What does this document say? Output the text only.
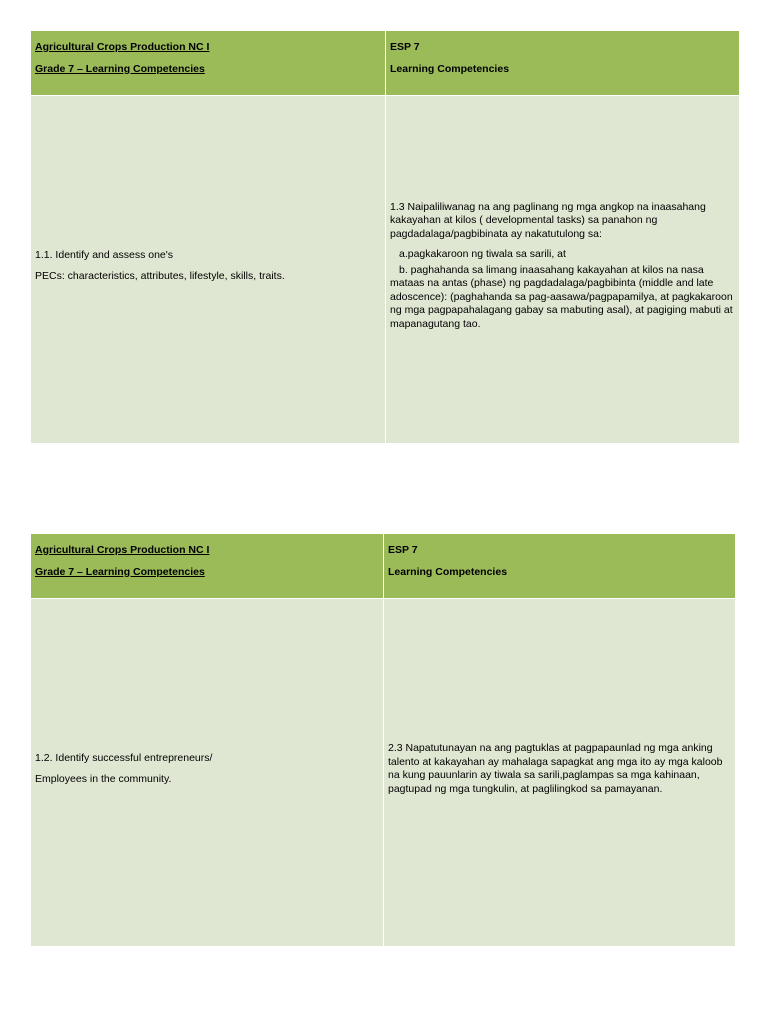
Agricultural Crops Production NC I

Grade 7 – Learning Competencies

ESP 7

Learning Competencies

1.1. Identify and assess one's

PECs: characteristics, attributes, lifestyle, skills, traits.

1.3 Naipaliliwanag na ang paglinang ng mga angkop na inaasahang kakayahan at kilos ( developmental tasks) sa panahon ng pagdadalaga/pagbibinata ay nakatutulong sa:

a.pagkakaroon ng tiwala sa sarili, at

b. paghahanda sa limang inaasahang kakayahan at kilos na nasa mataas na antas (phase) ng pagdadalaga/pagbibinta (middle and late adoscence): (paghahanda sa pag-aasawa/pagpapamilya, at pagkakaroon ng mga pagpapahalagang gabay sa mabuting asal), at pagiging mabuti at mapanagutang tao.

Agricultural Crops Production NC I

Grade 7 – Learning Competencies

ESP 7

Learning Competencies

1.2. Identify successful entrepreneurs/

Employees in the community.

2.3 Napatutunayan na ang pagtuklas at pagpapaunlad ng mga anking talento at kakayahan ay mahalaga sapagkat ang mga ito ay mga kaloob na kung pauunlarin ay tiwala sa sarili,paglampas sa mga kahinaan, pagtupad ng mga tungkulin, at paglilingkod sa pamayanan.
